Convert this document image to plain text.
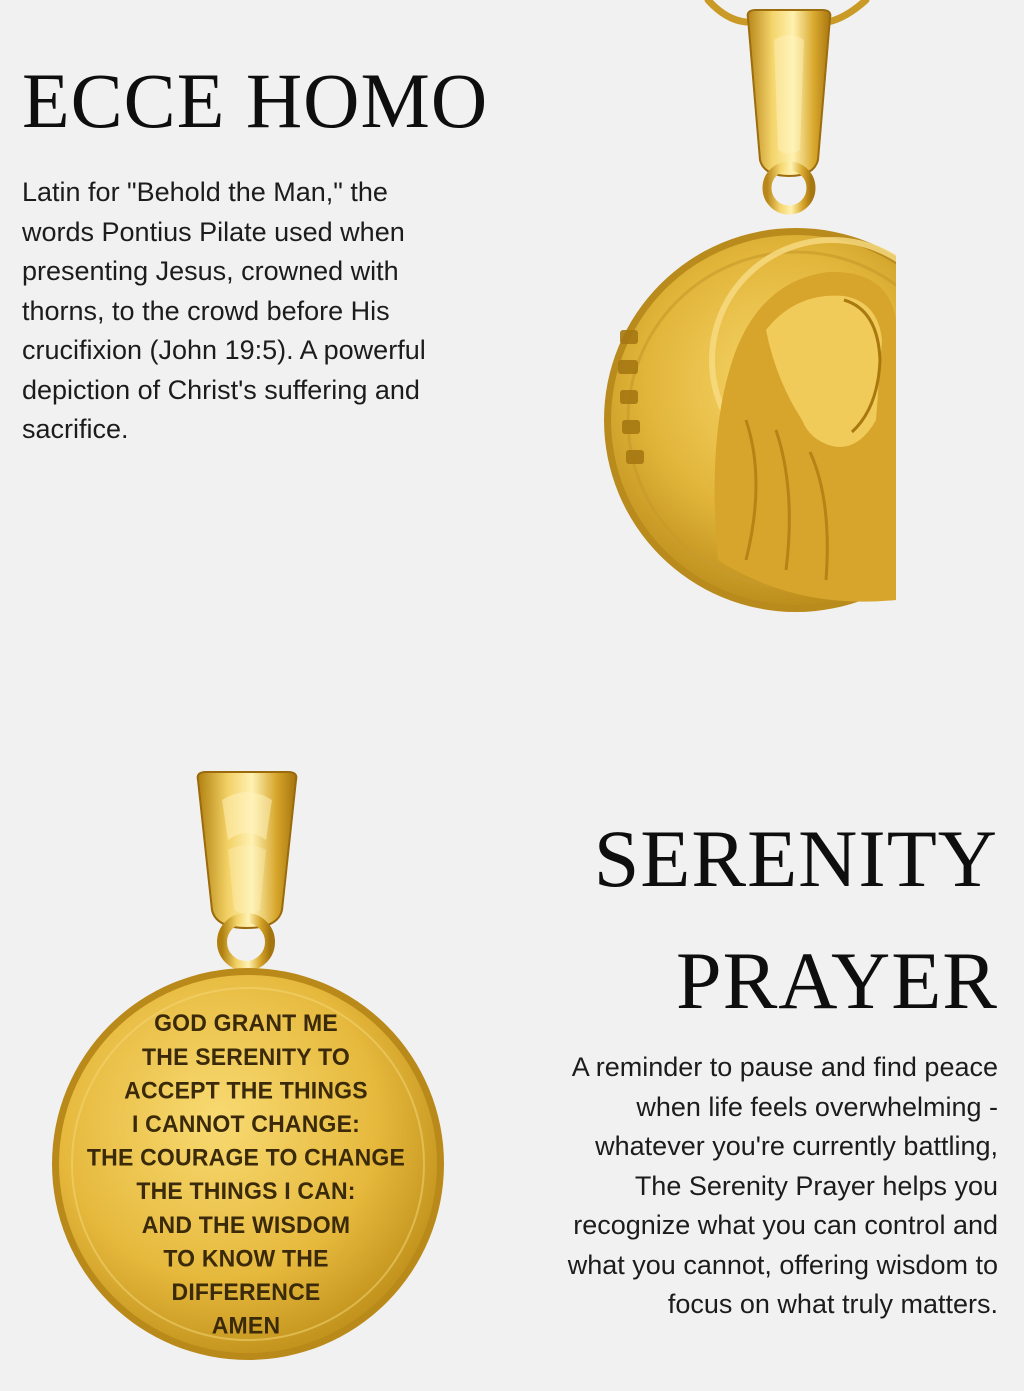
ECCE HOMO

Latin for "Behold the Man," the
words Pontius Pilate used when
presenting Jesus, crowned with
thorns, to the crowd before His
crucifixion (John 19:5). A powerful
depiction of Christ's suffering and
sacrifice.

SERENITY
PRAYER

A reminder to pause and find peace
when life feels overwhelming -
whatever you're currently battling,
The Serenity Prayer helps you
recognize what you can control and
what you cannot, offering wisdom to
focus on what truly matters.

GOD GRANT ME
THE SERENITY TO
ACCEPT THE THINGS
I CANNOT CHANGE:
THE COURAGE TO CHANGE
THE THINGS I CAN:
AND THE WISDOM
TO KNOW THE
DIFFERENCE
AMEN
